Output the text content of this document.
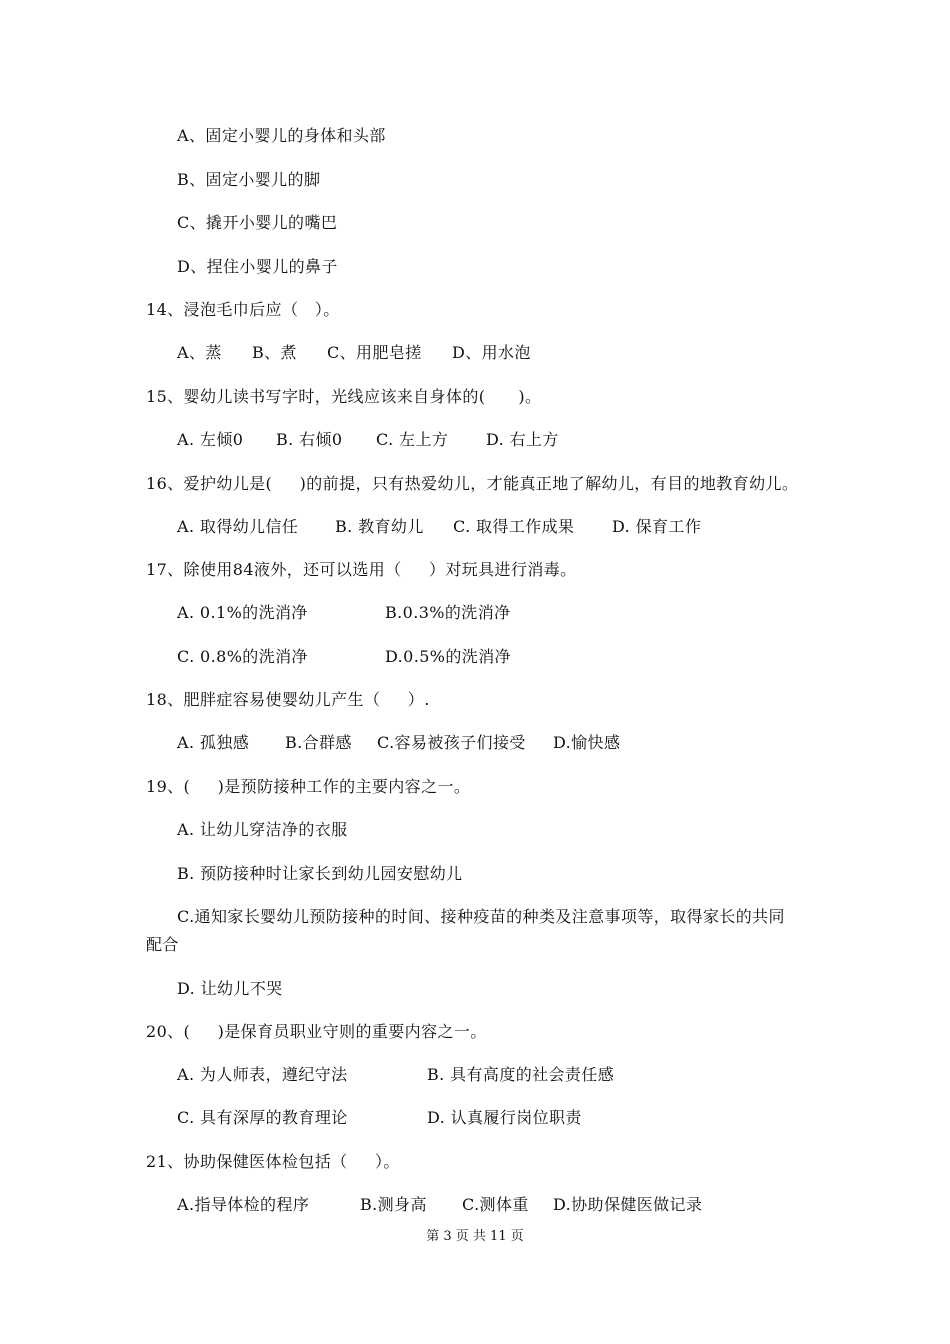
A、固定小婴儿的身体和头部
B、固定小婴儿的脚
C、撬开小婴儿的嘴巴
D、捏住小婴儿的鼻子
14、浸泡毛巾后应（   ）。
A、蒸 B、煮 C、用肥皂搓 D、用水泡
15、婴幼儿读书写字时，光线应该来自身体的(      )。
A. 左倾0 B. 右倾0 C. 左上方 D. 右上方
16、爱护幼儿是(     )的前提，只有热爱幼儿，才能真正地了解幼儿，有目的地教育幼儿。
A. 取得幼儿信任 B. 教育幼儿 C. 取得工作成果 D. 保育工作
17、除使用84液外，还可以选用（     ）对玩具进行消毒。
A. 0.1%的洗消净	B.0.3%的洗消净
C. 0.8%的洗消净	D.0.5%的洗消净
18、肥胖症容易使婴幼儿产生（     ）.
A. 孤独感 B.合群感 C.容易被孩子们接受 D.愉快感
19、(     )是预防接种工作的主要内容之一。
A. 让幼儿穿洁净的衣服
B. 预防接种时让家长到幼儿园安慰幼儿
C.通知家长婴幼儿预防接种的时间、接种疫苗的种类及注意事项等，取得家长的共同
配合
D. 让幼儿不哭
20、(     )是保育员职业守则的重要内容之一。
A. 为人师表，遵纪守法	B. 具有高度的社会责任感
C. 具有深厚的教育理论	D. 认真履行岗位职责
21、协助保健医体检包括（     ）。
A.指导体检的程序	B.测身高 C.测体重 D.协助保健医做记录
第 3 页 共 11 页
